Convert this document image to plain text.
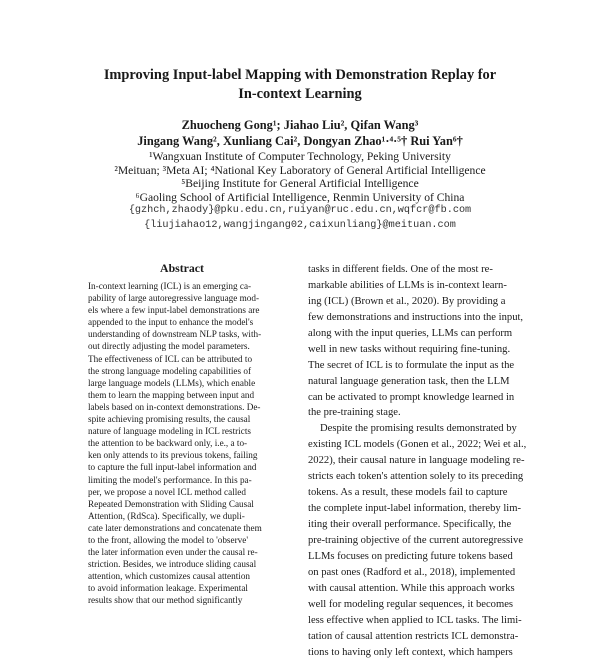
Improving Input-label Mapping with Demonstration Replay for
In-context Learning
Zhuocheng Gong¹; Jiahao Liu², Qifan Wang³
Jingang Wang², Xunliang Cai², Dongyan Zhao¹·⁴·⁵† Rui Yan⁶†
¹Wangxuan Institute of Computer Technology, Peking University
²Meituan; ³Meta AI; ⁴National Key Laboratory of General Artificial Intelligence
⁵Beijing Institute for General Artificial Intelligence
⁶Gaoling School of Artificial Intelligence, Renmin University of China
{gzhch,zhaody}@pku.edu.cn,ruiyan@ruc.edu.cn,wqfcr@fb.com
{liujiahao12,wangjingang02,caixunliang}@meituan.com
Abstract
In-context learning (ICL) is an emerging ca-
pability of large autoregressive language mod-
els where a few input-label demonstrations are
appended to the input to enhance the model's
understanding of downstream NLP tasks, with-
out directly adjusting the model parameters.
The effectiveness of ICL can be attributed to
the strong language modeling capabilities of
large language models (LLMs), which enable
them to learn the mapping between input and
labels based on in-context demonstrations. De-
spite achieving promising results, the causal
nature of language modeling in ICL restricts
the attention to be backward only, i.e., a to-
ken only attends to its previous tokens, failing
to capture the full input-label information and
limiting the model's performance. In this pa-
per, we propose a novel ICL method called
Repeated Demonstration with Sliding Causal
Attention, (RdSca). Specifically, we dupli-
cate later demonstrations and concatenate them
to the front, allowing the model to 'observe'
the later information even under the causal re-
striction. Besides, we introduce sliding causal
attention, which customizes causal attention
to avoid information leakage. Experimental
results show that our method significantly
tasks in different fields. One of the most re-
markable abilities of LLMs is in-context learn-
ing (ICL) (Brown et al., 2020). By providing a
few demonstrations and instructions into the input,
along with the input queries, LLMs can perform
well in new tasks without requiring fine-tuning.
The secret of ICL is to formulate the input as the
natural language generation task, then the LLM
can be activated to prompt knowledge learned in
the pre-training stage.
Despite the promising results demonstrated by
existing ICL models (Gonen et al., 2022; Wei et al.,
2022), their causal nature in language modeling re-
stricts each token's attention solely to its preceding
tokens. As a result, these models fail to capture
the complete input-label information, thereby lim-
iting their overall performance. Specifically, the
pre-training objective of the current autoregressive
LLMs focuses on predicting future tokens based
on past ones (Radford et al., 2018), implemented
with causal attention. While this approach works
well for modeling regular sequences, it becomes
less effective when applied to ICL tasks. The limi-
tation of causal attention restricts ICL demonstra-
tions to having only left context, which hampers
